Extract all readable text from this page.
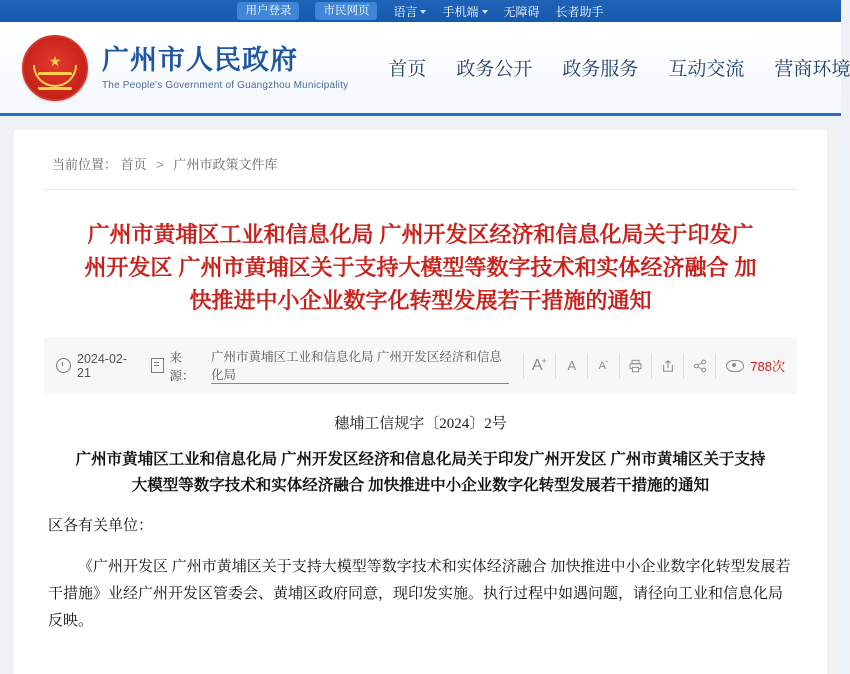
用户登录	市民网页	语言 手机端 无障碍 长者助手
★ 广州市人民政府
The People's Government of Guangzhou Municipality
首页 政务公开 政务服务 互动交流 营商环境
当前位置： 首页 > 广州市政策文件库
广州市黄埔区工业和信息化局 广州开发区经济和信息化局关于印发广州开发区 广州市黄埔区关于支持大模型等数字技术和实体经济融合 加快推进中小企业数字化转型发展若干措施的通知
2024-02-21
来源：
广州市黄埔区工业和信息化局 广州开发区经济和信息化局
A +	A	A -	788次
穗埔工信规字〔2024〕2号
广州市黄埔区工业和信息化局 广州开发区经济和信息化局关于印发广州开发区 广州市黄埔区关于支持大模型等数字技术和实体经济融合 加快推进中小企业数字化转型发展若干措施的通知
区各有关单位：
《广州开发区 广州市黄埔区关于支持大模型等数字技术和实体经济融合 加快推进中小企业数字化转型发展若干措施》业经广州开发区管委会、黄埔区政府同意，现印发实施。执行过程中如遇问题，请径向工业和信息化局反映。
